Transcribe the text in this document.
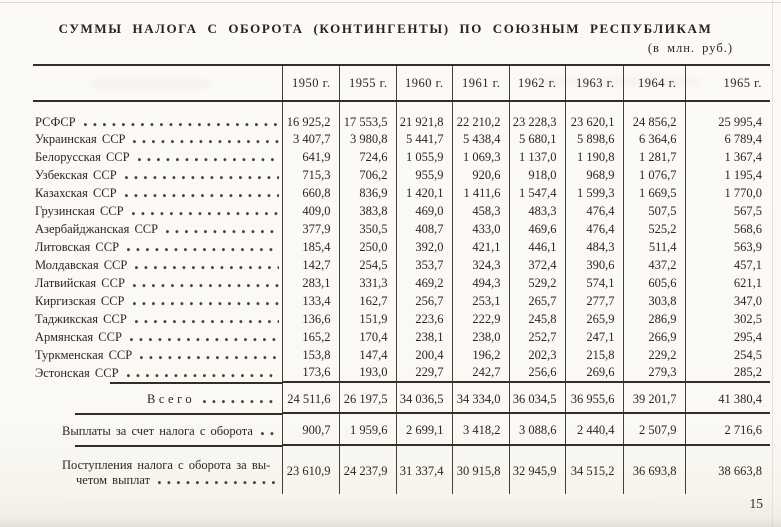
СУММЫ НАЛОГА С ОБОРОТА (КОНТИНГЕНТЫ) ПО СОЮЗНЫМ РЕСПУБЛИКАМ
(в млн. руб.)
	1950 г.	1955 г.	1960 г.	1961 г.	1962 г.	1963 г.	1964 г.	1965 г.

РСФСР	16 925,2	17 553,5	21 921,8	22 210,2	23 228,3	23 620,1	24 856,2	25 995,4

Украинская ССР	3 407,7	3 980,8	5 441,7	5 438,4	5 680,1	5 898,6	6 364,6	6 789,4

Белорусская ССР	641,9	724,6	1 055,9	1 069,3	1 137,0	1 190,8	1 281,7	1 367,4

Узбекская ССР	715,3	706,2	955,9	920,6	918,0	968,9	1 076,7	1 195,4

Казахская ССР	660,8	836,9	1 420,1	1 411,6	1 547,4	1 599,3	1 669,5	1 770,0

Грузинская ССР	409,0	383,8	469,0	458,3	483,3	476,4	507,5	567,5

Азербайджанская ССР	377,9	350,5	408,7	433,0	469,6	476,4	525,2	568,6

Литовская ССР	185,4	250,0	392,0	421,1	446,1	484,3	511,4	563,9

Молдавская ССР	142,7	254,5	353,7	324,3	372,4	390,6	437,2	457,1

Латвийская ССР	283,1	331,3	469,2	494,3	529,2	574,1	605,6	621,1

Киргизская ССР	133,4	162,7	256,7	253,1	265,7	277,7	303,8	347,0

Таджикская ССР	136,6	151,9	223,6	222,9	245,8	265,9	286,9	302,5

Армянская ССР	165,2	170,4	238,1	238,0	252,7	247,1	266,9	295,4

Туркменская ССР	153,8	147,4	200,4	196,2	202,3	215,8	229,2	254,5

Эстонская ССР	173,6	193,0	229,7	242,7	256,6	269,6	279,3	285,2

Всего	24 511,6	26 197,5	34 036,5	34 334,0	36 034,5	36 955,6	39 201,7	41 380,4

Выплаты за счет налога с оборота	900,7	1 959,6	2 699,1	3 418,2	3 088,6	2 440,4	2 507,9	2 716,6

Поступления налога с оборота за вы-
четом выплат	23 610,9	24 237,9	31 337,4	30 915,8	32 945,9	34 515,2	36 693,8	38 663,8
15
